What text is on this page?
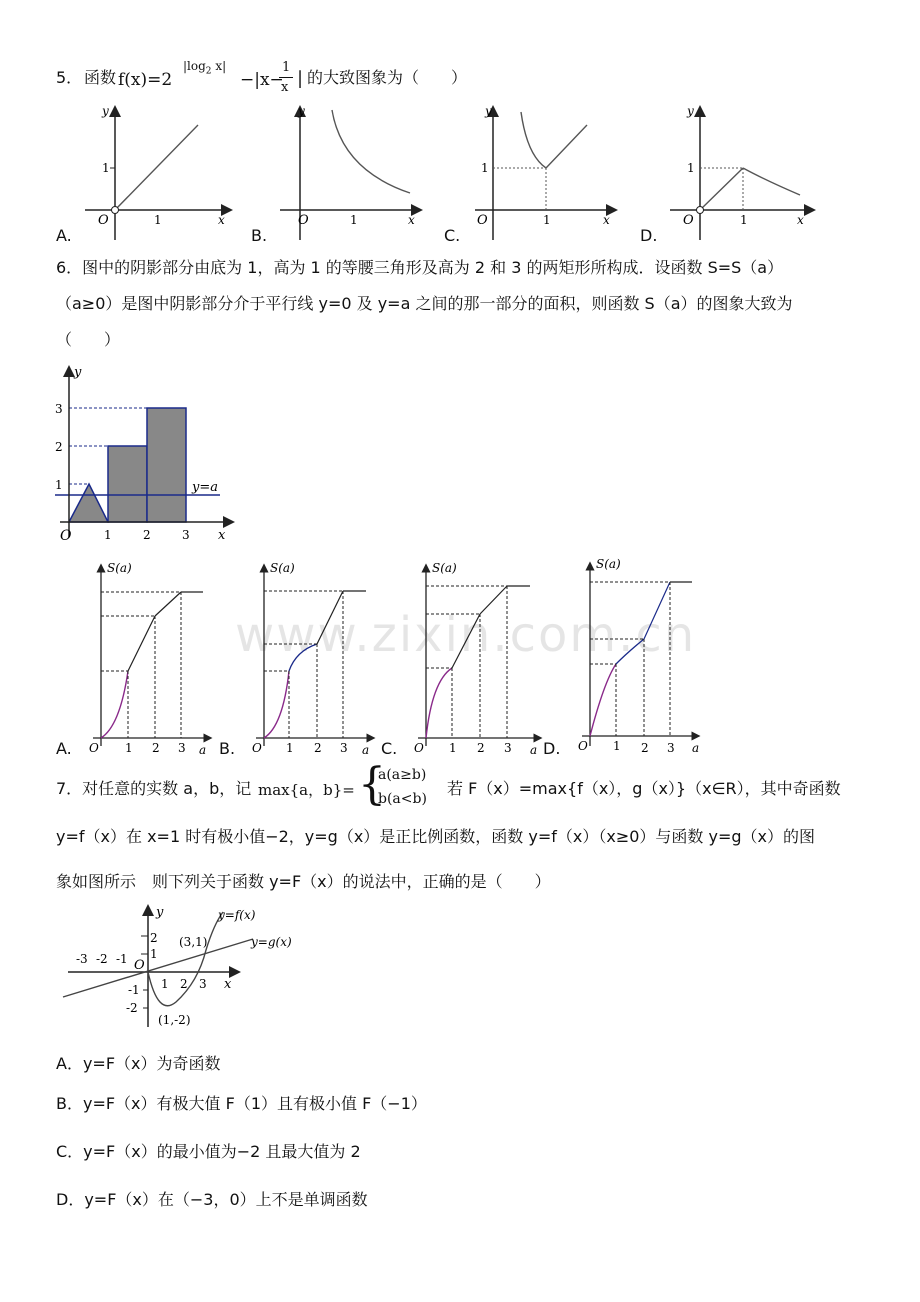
www.zixin.com.cn
5． 函数 f(x)=2
$|\log_2$ x|
−|x−
1
x | 的大致图象为（　　）
y
x
O
1
1
A.
y
x
O	1
B.
y
x
O
1
1
C.
y
x
O
1
1
D.
6．图中的阴影部分由底为 1，高为 1 的等腰三角形及高为 2 和 3 的两矩形所构成．设函数 S=S（a）
（a≥0）是图中阴影部分介于平行线 y=0 及 y=a 之间的那一部分的面积，则函数 S（a）的图象大致为
（　　）
y
x
O
1
2
3
1	2	3
y=a
S(a)
a
O 1 2 3
A.
S(a)
a
O 1 2 3
B.
S(a)
a
O 1 2 3
C.
S(a)
a
O 1 2 3
D.
7．对任意的实数 a，b，记 max{a，b}= {
a(a≥b)
b(a<b)
若 F（x）=max{f（x），g（x）}（x∈R），其中奇函数
y=f（x）在 x=1 时有极小值−2，y=g（x）是正比例函数，函数 y=f（x）（x≥0）与函数 y=g（x）的图
象如图所示　则下列关于函数 y=F（x）的说法中，正确的是（　　）
y
x
O
-3 -2 -1
1 2 3
2
1
-1
-2
y=f(x)
y=g(x)
(3,1)
(1,-2)
A．y=F（x）为奇函数
B．y=F（x）有极大值 F（1）且有极小值 F（−1）
C．y=F（x）的最小值为−2 且最大值为 2
D．y=F（x）在（−3，0）上不是单调函数
